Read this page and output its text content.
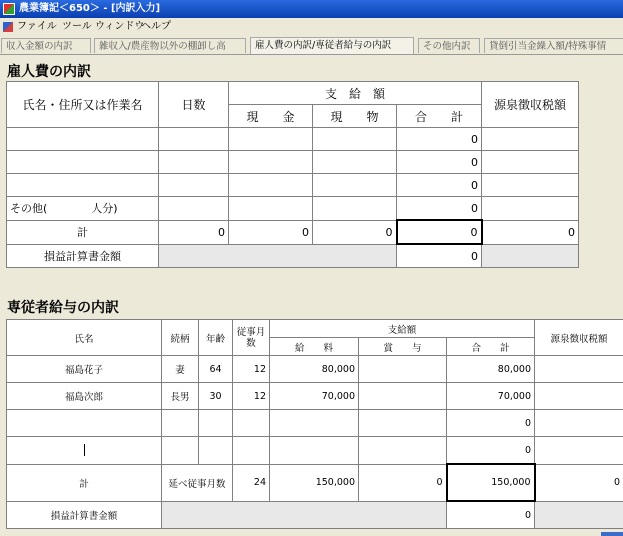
農業簿記＜650＞ - [内訳入力]
ファイル ツール ウィンドウ
ヘルプ
収入金額の内訳	雑収入/農産物以外の棚卸し高	雇人費の内訳/専従者給与の内訳	その他内訳	貸倒引当金繰入額/特殊事情
雇人費の内訳
氏名・住所又は作業名	日数	支　給　額			源泉徴収税額
		現　　金	現　　物	合　　計	
				0	
				0	
				0	
その他(　　　　人分)				0	
計	0	0	0	0	0
損益計算書金額				0	
専従者給与の内訳
氏名	続柄	年齢	従事月数	支給額			源泉徴収税額
				給　　料	賞　　与	合　　計	
福島花子	妻	64	12	80,000		80,000	
福島次郎	長男	30	12	70,000		70,000	
						0	
						0	
計	延べ従事月数		24	150,000	0	150,000	0
損益計算書金額						0	
